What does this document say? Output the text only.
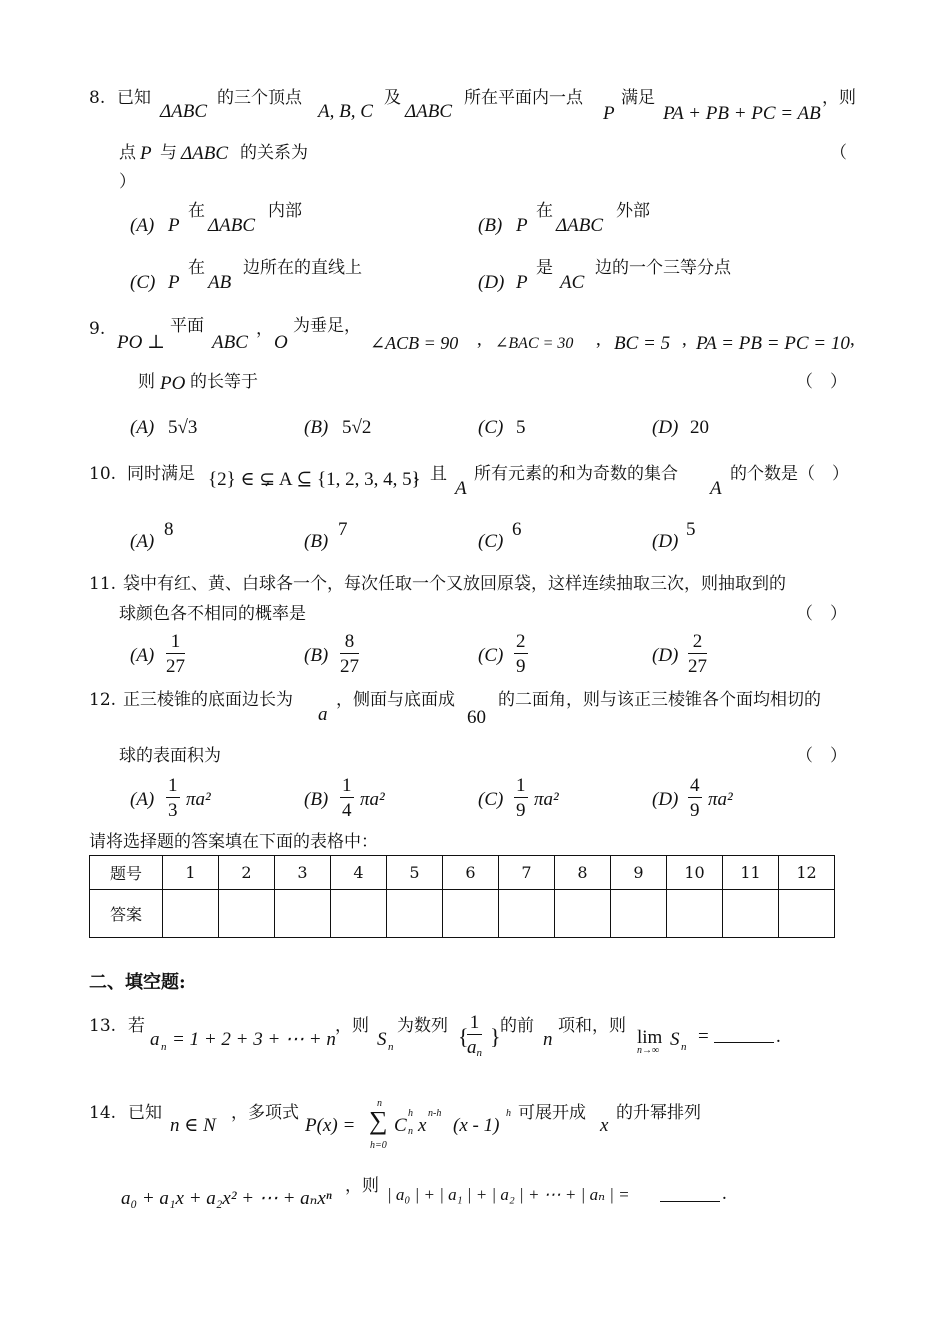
8. 已知
ΔABC
的三个顶点
A, B, C
及
ΔABC
所在平面内一点
P
满足
PA + PB + PC = AB
，则
点 P 与 ΔABC 的关系为	（
）
(A) P
在
ΔABC
内部
(B) P
在
ΔABC
外部
(C) P
在
AB
边所在的直线上
(D) P
是
AC
边的一个三等分点
9.
PO ⊥
平面
ABC
，
O
为垂足，
∠ACB = 90 , ∠BAC = 30 , BC = 5 , PA = PB = PC = 10 ,
则 PO 的长等于	（　）
(A) 5√3	(B) 5√2	(C) 5	(D) 20
10. 同时满足 {2} ∈ ⊊ A ⊆ {1, 2, 3, 4, 5}
，且
A
所有元素的和为奇数的集合
A
的个数是（　）
(A)
8
(B)
7
(C)
6
(D)
5
11. 袋中有红、黄、白球各一个，每次任取一个又放回原袋，这样连续抽取三次，则抽取到的
球颜色各不相同的概率是	（　）
$(A) \frac{1}{27}$	$(B) \frac{8}{27}$	$(C) \frac{2}{9}$	$(D) \frac{2}{27}$
12. 正三棱锥的底面边长为
a
，侧面与底面成
60
的二面角，则与该正三棱锥各个面均相切的
球的表面积为	（　）
$(A) \frac{1}{3} \pi a^2$	$(B) \frac{1}{4} \pi a^2$	$(C) \frac{1}{9} \pi a^2$	$(D) \frac{4}{9} \pi a^2$
请将选择题的答案填在下面的表格中：
题号	1	2	3	4	5	6	7	8	9	10	11	12
答案												
二、填空题:
13. 若
a n = 1 + 2 + 3 + ⋯ + n
，则
S n
为数列 {
$\frac{1}{an}$ } 的前
n
项和，则
lim
n→∞
S n =	.
14. 已知
n ∈ N
，多项式
P(x) =
n
∑
h=0
C
h
n x
n-h
(x - 1)
h 可展开成
x
的升幂排列
a₀ + a₁x + a₂x² + ⋯ + aₙxⁿ
，则 | a₀ | + | a₁ | + | a₂ | + ⋯ + | aₙ | =	.
